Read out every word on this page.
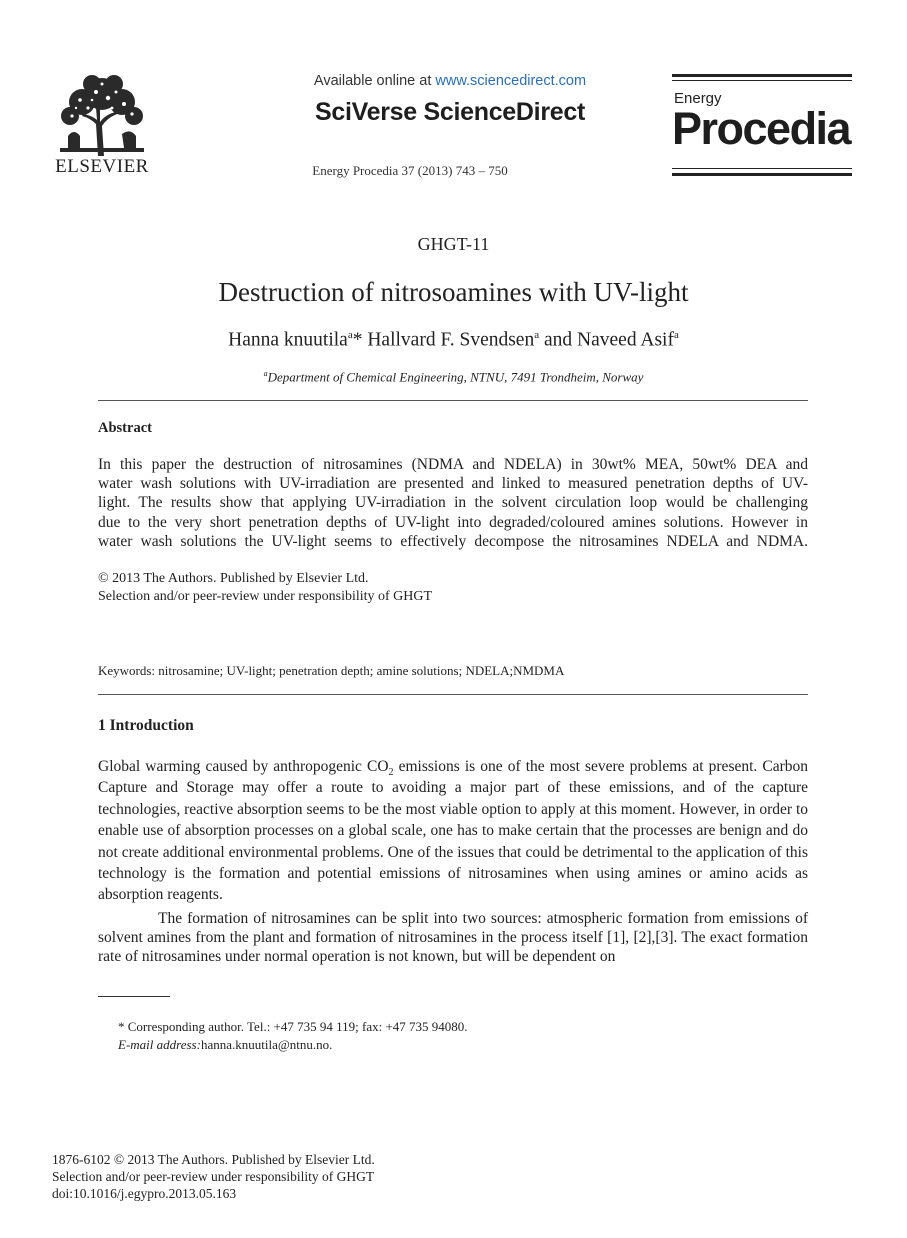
ELSEVIER
Available online at www.sciencedirect.com
SciVerse ScienceDirect
Energy Procedia 37 (2013) 743 – 750
Energy
Procedia
GHGT-11
Destruction of nitrosoamines with UV-light
Hanna knuutila$^a$* Hallvard F. Svendsen$^a$ and Naveed Asif$^a$
$^a$Department of Chemical Engineering, NTNU, 7491 Trondheim, Norway
Abstract
In this paper the destruction of nitrosamines (NDMA and NDELA) in 30wt% MEA, 50wt% DEA and
water wash solutions with UV-irradiation are presented and linked to measured penetration depths of UV-
light. The results show that applying UV-irradiation in the solvent circulation loop would be challenging
due to the very short penetration depths of UV-light into degraded/coloured amines solutions. However in
water wash solutions the UV-light seems to effectively decompose the nitrosamines NDELA and NDMA.
© 2013 The Authors. Published by Elsevier Ltd.
Selection and/or peer-review under responsibility of GHGT
Keywords: nitrosamine; UV-light; penetration depth; amine solutions; NDELA;NMDMA
1 Introduction
Global warming caused by anthropogenic $CO_2$ emissions is one of the most severe problems at present. Carbon Capture and Storage may offer a route to avoiding a major part of these emissions, and of the capture technologies, reactive absorption seems to be the most viable option to apply at this moment. However, in order to enable use of absorption processes on a global scale, one has to make certain that the processes are benign and do not create additional environmental problems. One of the issues that could be detrimental to the application of this technology is the formation and potential emissions of nitrosamines when using amines or amino acids as absorption reagents.
The formation of nitrosamines can be split into two sources: atmospheric formation from emissions of solvent amines from the plant and formation of nitrosamines in the process itself [1], [2],[3]. The exact formation rate of nitrosamines under normal operation is not known, but will be dependent on
* Corresponding author. Tel.: +47 735 94 119; fax: +47 735 94080.
E-mail address:hanna.knuutila@ntnu.no.
1876-6102 © 2013 The Authors. Published by Elsevier Ltd.
Selection and/or peer-review under responsibility of GHGT
doi:10.1016/j.egypro.2013.05.163
